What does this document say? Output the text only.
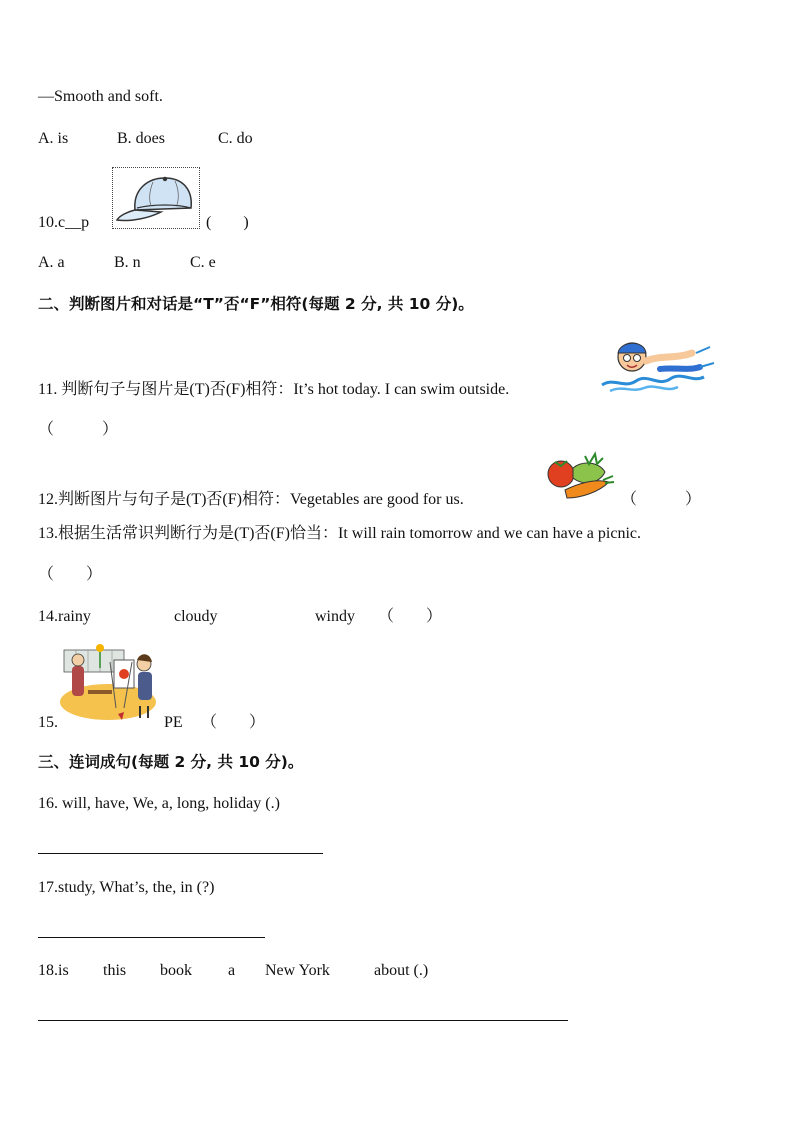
—Smooth and soft.
A. is	B. does	C. do
10.c__p	(　　)
A. a	B. n	C. e
二、判断图片和对话是“T”否“F”相符(每题 2 分, 共 10 分)。
11. 判断句子与图片是(T)否(F)相符：It’s hot today. I can swim outside.
（　　　）
12.判断图片与句子是(T)否(F)相符：Vegetables are good for us.	（　　　）
13.根据生活常识判断行为是(T)否(F)恰当：It will rain tomorrow and we can have a picnic.
（　　）
14.rainy	cloudy	windy （　　）
15.	PE （　　）
三、连词成句(每题 2 分, 共 10 分)。
16. will, have, We, a, long, holiday (.)
17.study, What’s, the, in (?)
18.is this book a New York	about (.)
